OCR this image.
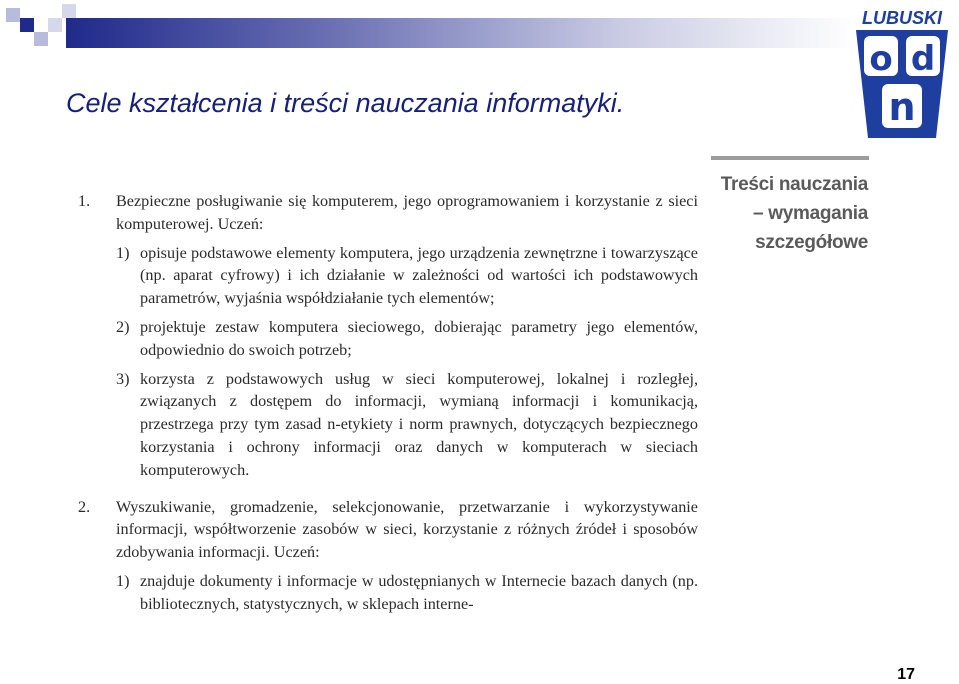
Cele kształcenia i treści nauczania informatyki.
LUBUSKI
o d
n
Treści nauczania
– wymagania
szczegółowe
1. Bezpieczne posługiwanie się komputerem, jego oprogramowaniem i korzystanie z sieci komputerowej. Uczeń:
1) opisuje podstawowe elementy komputera, jego urządzenia zewnętrzne i towarzyszące (np. aparat cyfrowy) i ich działanie w zależności od wartości ich podstawowych parametrów, wyjaśnia współdziałanie tych elementów;
2) projektuje zestaw komputera sieciowego, dobierając parametry jego elementów, odpowiednio do swoich potrzeb;
3) korzysta z podstawowych usług w sieci komputerowej, lokalnej i rozległej, związanych z dostępem do informacji, wymianą informacji i komunikacją, przestrzega przy tym zasad n-etykiety i norm prawnych, dotyczących bezpiecznego korzystania i ochrony informacji oraz danych w komputerach w sieciach komputerowych.
2. Wyszukiwanie, gromadzenie, selekcjonowanie, przetwarzanie i wykorzystywanie informacji, współtworzenie zasobów w sieci, korzystanie z różnych źródeł i sposobów zdobywania informacji. Uczeń:
1) znajduje dokumenty i informacje w udostępnianych w Internecie bazach danych (np. bibliotecznych, statystycznych, w sklepach interne-
17
